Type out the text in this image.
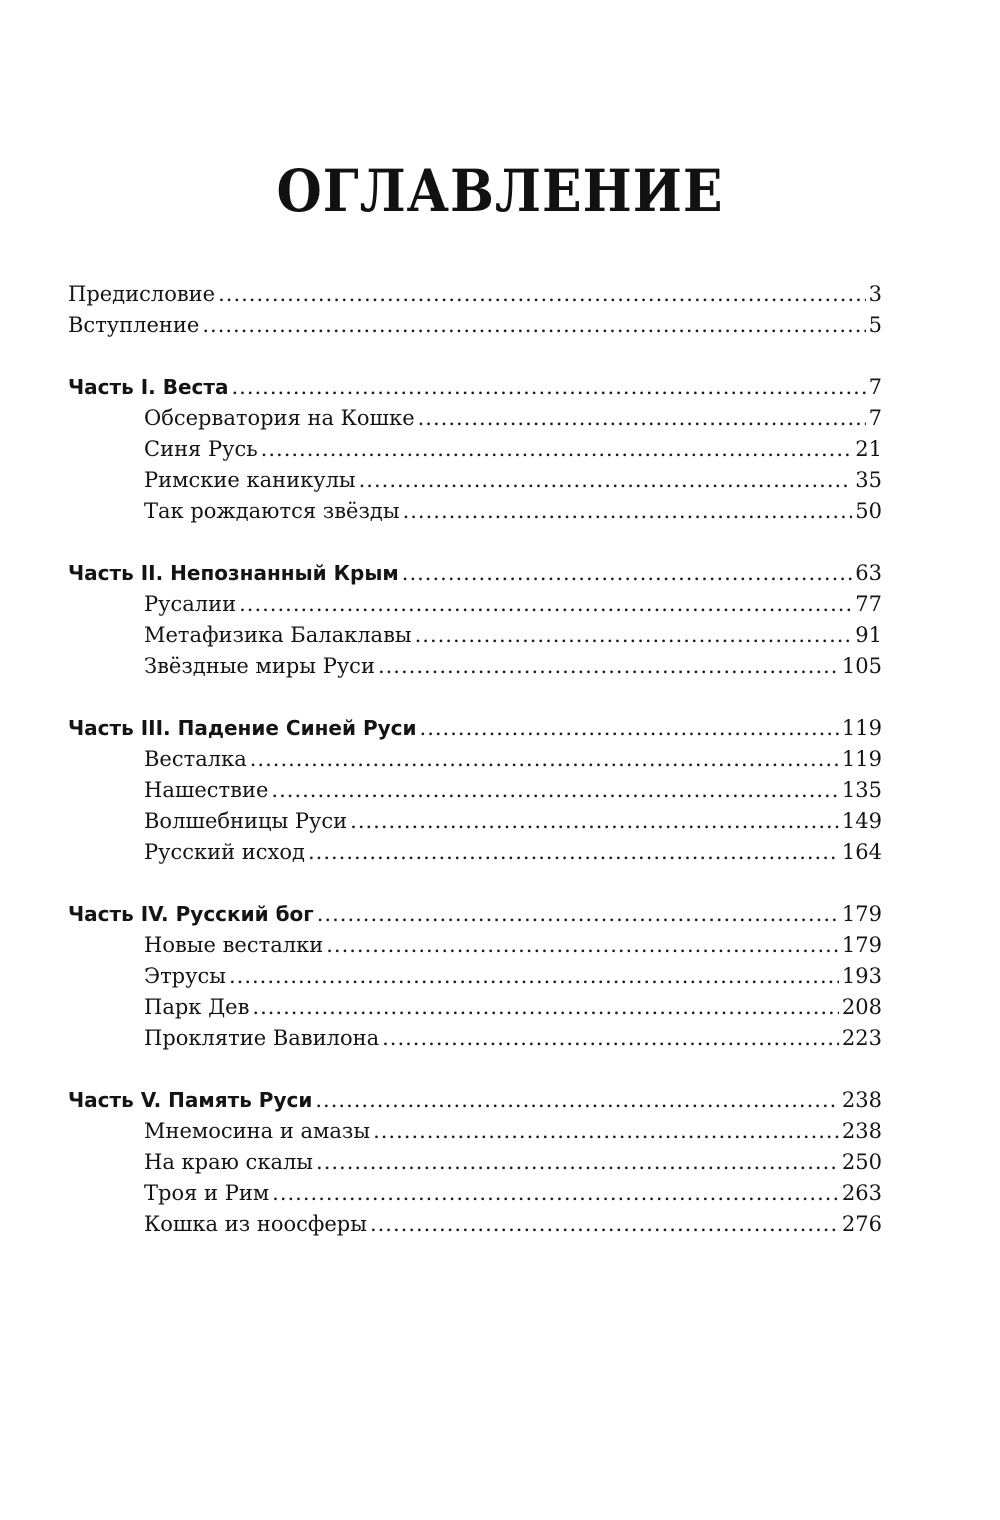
ОГЛАВЛЕНИЕ
Предисловие .....	3
Вступление .....	5
Часть I. Веста .....	7
Обсерватория на Кошке .....	7
Синя Русь .....	21
Римские каникулы .....	35
Так рождаются звёзды .....	50
Часть II. Непознанный Крым .....	63
Русалии .....	77
Метафизика Балаклавы .....	91
Звёздные миры Руси .....	105
Часть III. Падение Синей Руси .....	119
Весталка .....	119
Нашествие .....	135
Волшебницы Руси .....	149
Русский исход .....	164
Часть IV. Русский бог .....	179
Новые весталки .....	179
Этрусы .....	193
Парк Дев .....	208
Проклятие Вавилона .....	223
Часть V. Память Руси .....	238
Мнемосина и амазы .....	238
На краю скалы .....	250
Троя и Рим .....	263
Кошка из ноосферы .....	276
